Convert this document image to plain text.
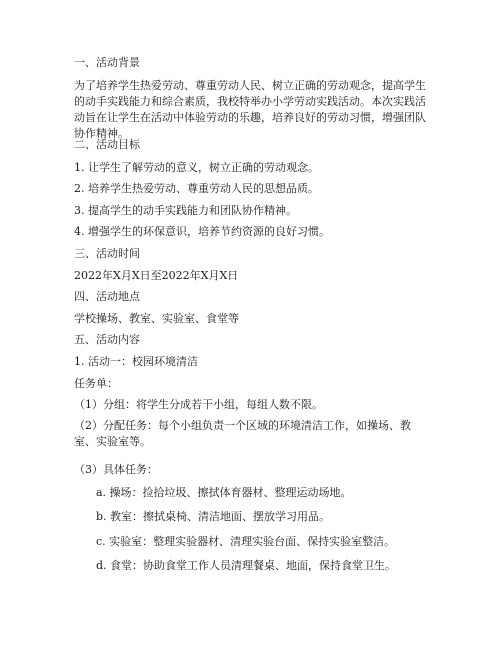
一、活动背景
为了培养学生热爱劳动、尊重劳动人民、树立正确的劳动观念，提高学生的动手实践能力和综合素质，我校特举办小学劳动实践活动。本次实践活动旨在让学生在活动中体验劳动的乐趣，培养良好的劳动习惯，增强团队协作精神。
二、活动目标
1. 让学生了解劳动的意义，树立正确的劳动观念。
2. 培养学生热爱劳动、尊重劳动人民的思想品质。
3. 提高学生的动手实践能力和团队协作精神。
4. 增强学生的环保意识，培养节约资源的良好习惯。
三、活动时间
2022年X月X日至2022年X月X日
四、活动地点
学校操场、教室、实验室、食堂等
五、活动内容
1. 活动一：校园环境清洁
任务单：
（1）分组：将学生分成若干小组，每组人数不限。
（2）分配任务：每个小组负责一个区域的环境清洁工作，如操场、教室、实验室等。
（3）具体任务：
a. 操场：捡拾垃圾、擦拭体育器材、整理运动场地。
b. 教室：擦拭桌椅、清洁地面、摆放学习用品。
c. 实验室：整理实验器材、清理实验台面、保持实验室整洁。
d. 食堂：协助食堂工作人员清理餐桌、地面，保持食堂卫生。
